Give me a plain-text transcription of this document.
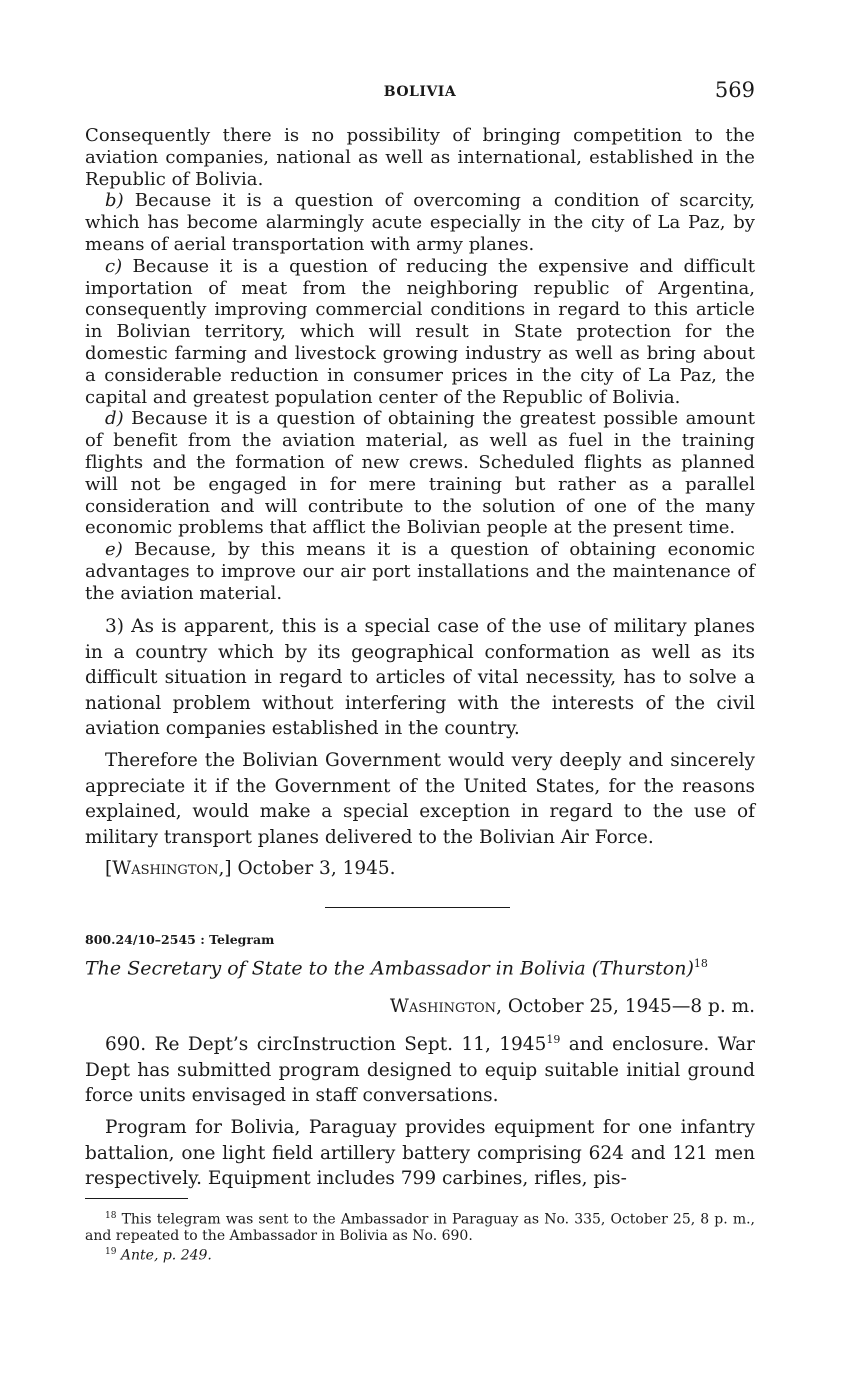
BOLIVIA	569

Consequently there is no possibility of bringing competition to the aviation companies, national as well as international, established in the Republic of Bolivia.

b) Because it is a question of overcoming a condition of scarcity, which has become alarmingly acute especially in the city of La Paz, by means of aerial transportation with army planes.

c) Because it is a question of reducing the expensive and difficult importation of meat from the neighboring republic of Argentina, consequently improving commercial conditions in regard to this article in Bolivian territory, which will result in State protection for the domestic farming and livestock growing industry as well as bring about a considerable reduction in consumer prices in the city of La Paz, the capital and greatest population center of the Republic of Bolivia.

d) Because it is a question of obtaining the greatest possible amount of benefit from the aviation material, as well as fuel in the training flights and the formation of new crews. Scheduled flights as planned will not be engaged in for mere training but rather as a parallel consideration and will contribute to the solution of one of the many economic problems that afflict the Bolivian people at the present time.

e) Because, by this means it is a question of obtaining economic advantages to improve our air port installations and the maintenance of the aviation material.

3) As is apparent, this is a special case of the use of military planes in a country which by its geographical conformation as well as its difficult situation in regard to articles of vital necessity, has to solve a national problem without interfering with the interests of the civil aviation companies established in the country.

Therefore the Bolivian Government would very deeply and sincerely appreciate it if the Government of the United States, for the reasons explained, would make a special exception in regard to the use of military transport planes delivered to the Bolivian Air Force.

[Washington,] October 3, 1945.

800.24/10–2545 : Telegram
The Secretary of State to the Ambassador in Bolivia (Thurston)$^{18}$
Washington, October 25, 1945—8 p. m.

690. Re Dept’s circInstruction Sept. 11, 1945$^{19}$ and enclosure. War Dept has submitted program designed to equip suitable initial ground force units envisaged in staff conversations.

Program for Bolivia, Paraguay provides equipment for one infantry battalion, one light field artillery battery comprising 624 and 121 men respectively. Equipment includes 799 carbines, rifles, pis-

$^{18}$ This telegram was sent to the Ambassador in Paraguay as No. 335, October 25, 8 p. m., and repeated to the Ambassador in Bolivia as No. 690.

$^{19}$ Ante, p. 249.
